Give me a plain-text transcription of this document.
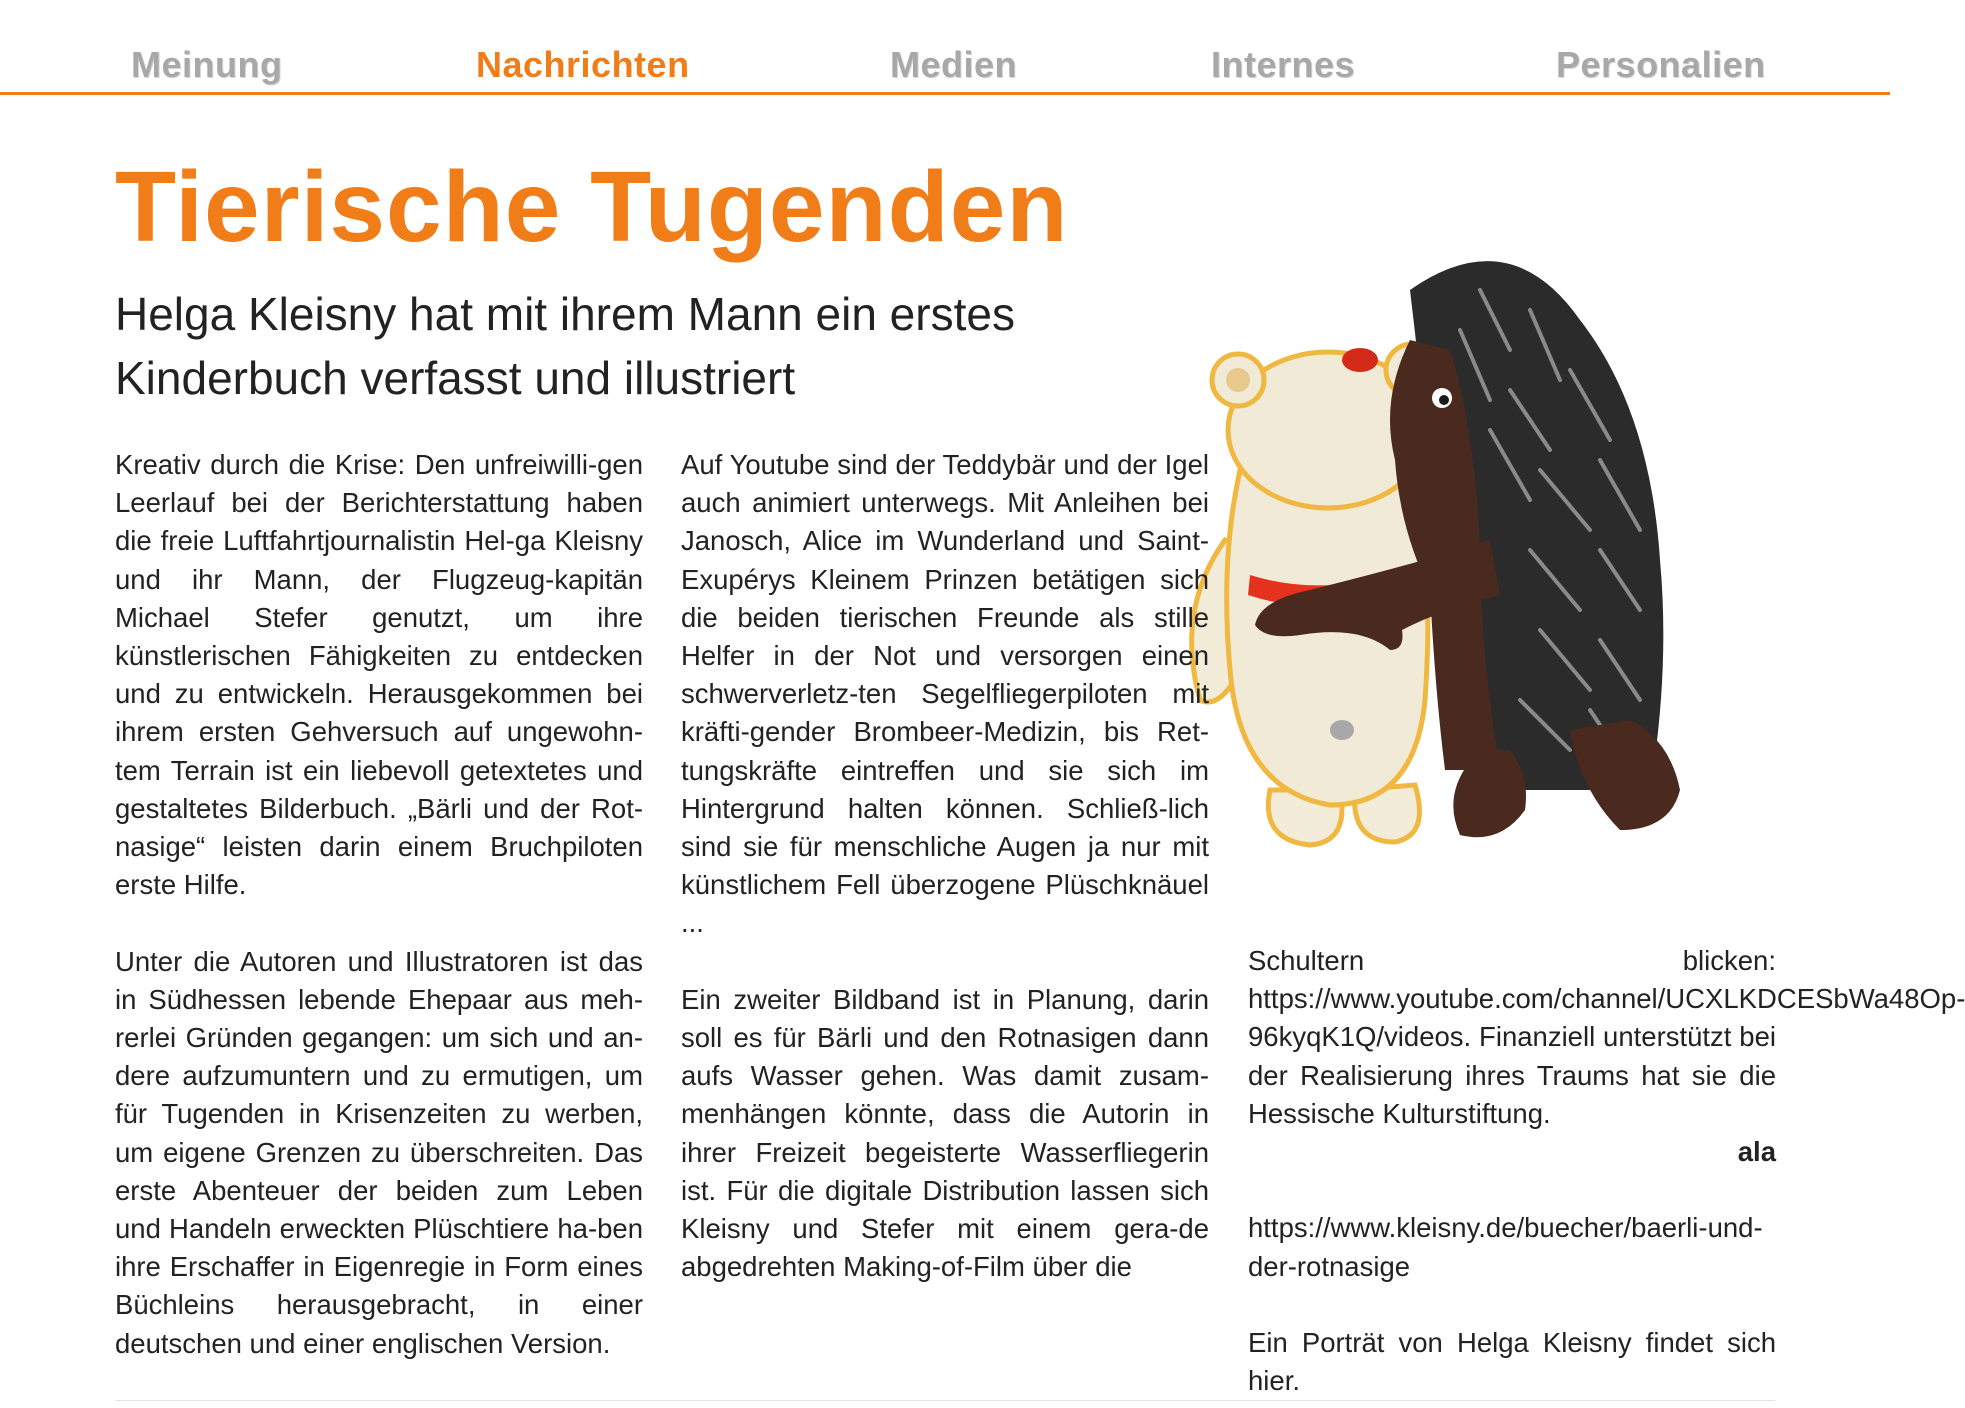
Meinung	Nachrichten	Medien	Internes	Personalien
Tierische Tugenden
Helga Kleisny hat mit ihrem Mann ein erstes Kinderbuch verfasst und illustriert

Kreativ durch die Krise: Den unfreiwilli-gen Leerlauf bei der Berichterstattung haben die freie Luftfahrtjournalistin Hel-ga Kleisny und ihr Mann, der Flugzeug-kapitän Michael Stefer genutzt, um ihre künstlerischen Fähigkeiten zu entdecken und zu entwickeln. Herausgekommen bei ihrem ersten Gehversuch auf ungewohn-tem Terrain ist ein liebevoll getextetes und gestaltetes Bilderbuch. „Bärli und der Rot-nasige“ leisten darin einem Bruchpiloten erste Hilfe.

Unter die Autoren und Illustratoren ist das in Südhessen lebende Ehepaar aus meh-rerlei Gründen gegangen: um sich und an-dere aufzumuntern und zu ermutigen, um für Tugenden in Krisenzeiten zu werben, um eigene Grenzen zu überschreiten. Das erste Abenteuer der beiden zum Leben und Handeln erweckten Plüschtiere ha-ben ihre Erschaffer in Eigenregie in Form eines Büchleins herausgebracht, in einer deutschen und einer englischen Version.

Auf Youtube sind der Teddybär und der Igel auch animiert unterwegs. Mit Anleihen bei Janosch, Alice im Wunderland und Saint-Exupérys Kleinem Prinzen betätigen sich die beiden tierischen Freunde als stille Helfer in der Not und versorgen einen schwerverletz-ten Segelfliegerpiloten mit kräfti-gender Brombeer-Medizin, bis Ret-tungskräfte eintreffen und sie sich im Hintergrund halten können. Schließ-lich sind sie für menschliche Augen ja nur mit künstlichem Fell überzogene Plüschknäuel ...

Ein zweiter Bildband ist in Planung, darin soll es für Bärli und den Rotnasigen dann aufs Wasser gehen. Was damit zusam-menhängen könnte, dass die Autorin in ihrer Freizeit begeisterte Wasserfliegerin ist. Für die digitale Distribution lassen sich Kleisny und Stefer mit einem gera-de abgedrehten Making-of-Film über die

Schultern blicken: https://www.youtube.com/channel/UCXLKDCESbWa48Op-96kyqK1Q/videos. Finanziell unterstützt bei der Realisierung ihres Traums hat sie die Hessische Kulturstiftung.

ala

https://www.kleisny.de/buecher/baerli-und-der-rotnasige

Ein Porträt von Helga Kleisny findet sich hier.
